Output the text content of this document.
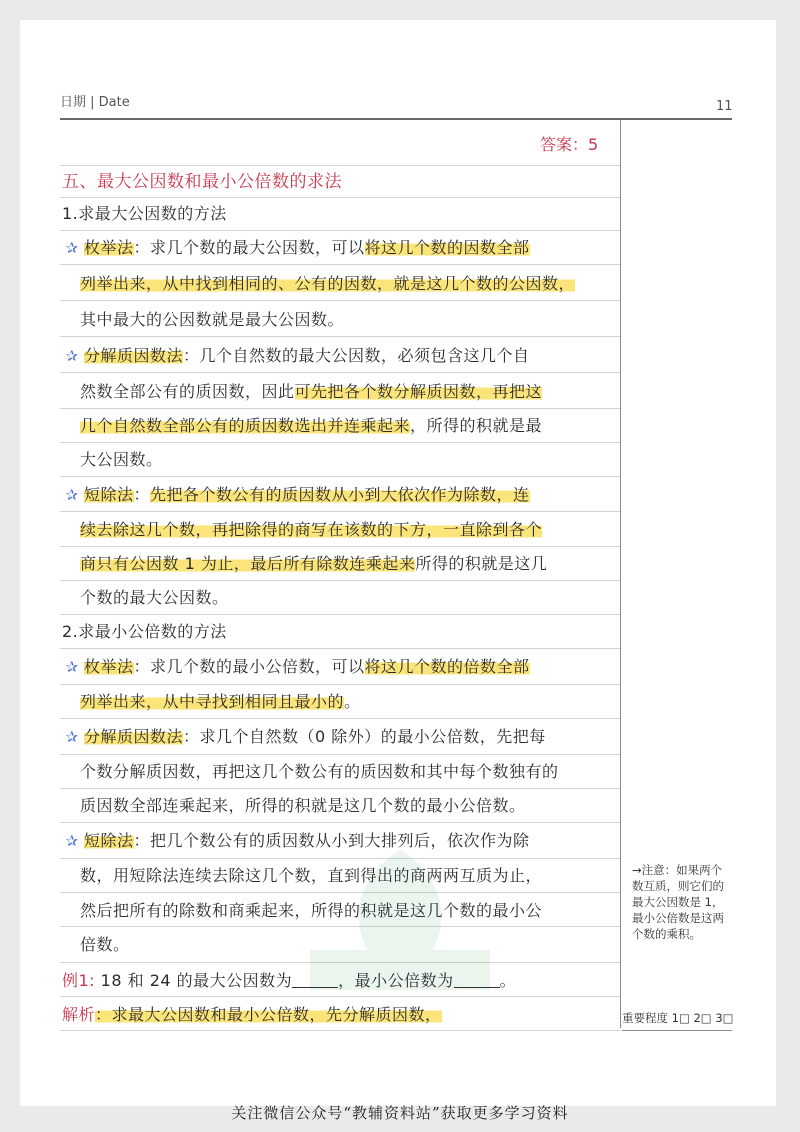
日期 | Date	11
答案：5
五、最大公因数和最小公倍数的求法
1.求最大公因数的方法
✰ 枚举法：求几个数的最大公因数，可以将这几个数的因数全部
列举出来，从中找到相同的、公有的因数，就是这几个数的公因数，
其中最大的公因数就是最大公因数。
✰ 分解质因数法：几个自然数的最大公因数，必须包含这几个自
然数全部公有的质因数，因此可先把各个数分解质因数，再把这
几个自然数全部公有的质因数选出并连乘起来，所得的积就是最
大公因数。
✰ 短除法：先把各个数公有的质因数从小到大依次作为除数，连
续去除这几个数，再把除得的商写在该数的下方，一直除到各个
商只有公因数 1 为止，最后所有除数连乘起来所得的积就是这几
个数的最大公因数。
2.求最小公倍数的方法
✰ 枚举法：求几个数的最小公倍数，可以将这几个数的倍数全部
列举出来，从中寻找到相同且最小的。
✰ 分解质因数法：求几个自然数（0 除外）的最小公倍数，先把每
个数分解质因数，再把这几个数公有的质因数和其中每个数独有的
质因数全部连乘起来，所得的积就是这几个数的最小公倍数。
✰ 短除法：把几个数公有的质因数从小到大排列后，依次作为除
数，用短除法连续去除这几个数，直到得出的商两两互质为止，
然后把所有的除数和商乘起来，所得的积就是这几个数的最小公
倍数。
例1: 18 和 24 的最大公因数为	，最小公倍数为	。
解析：求最大公因数和最小公倍数，先分解质因数，
→注意：如果两个数互质，则它们的最大公因数是 1，最小公倍数是这两个数的乘积。
重要程度 1□ 2□ 3□
关注微信公众号“教辅资料站”获取更多学习资料
